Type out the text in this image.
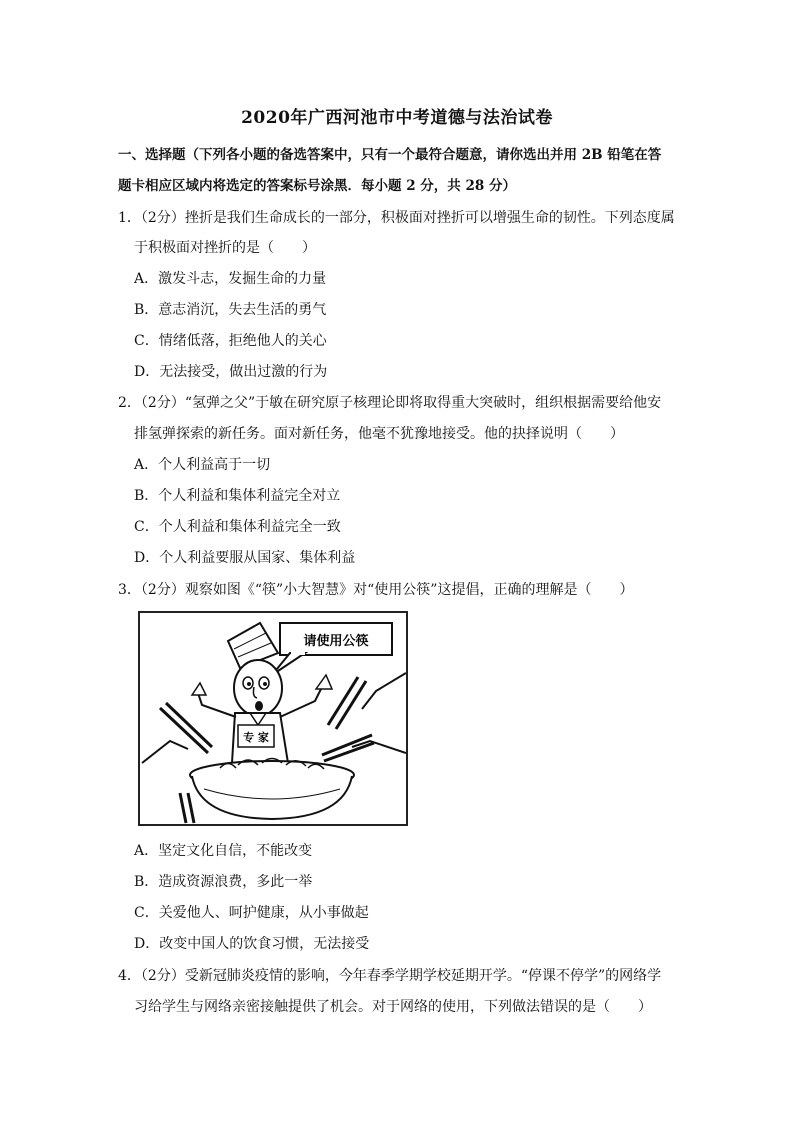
2020年广西河池市中考道德与法治试卷
一、选择题（下列各小题的备选答案中，只有一个最符合题意，请你选出并用 2B 铅笔在答
题卡相应区域内将选定的答案标号涂黑．每小题 2 分，共 28 分）
1．（2分）挫折是我们生命成长的一部分，积极面对挫折可以增强生命的韧性。下列态度属
于积极面对挫折的是（　　）
A．激发斗志，发掘生命的力量
B．意志消沉，失去生活的勇气
C．情绪低落，拒绝他人的关心
D．无法接受，做出过激的行为
2．（2分）“氢弹之父”于敏在研究原子核理论即将取得重大突破时，组织根据需要给他安
排氢弹探索的新任务。面对新任务，他毫不犹豫地接受。他的抉择说明（　　）
A．个人利益高于一切
B．个人利益和集体利益完全对立
C．个人利益和集体利益完全一致
D．个人利益要服从国家、集体利益
3．（2分）观察如图《“筷”小大智慧》对“使用公筷”这提倡，正确的理解是（　　）
请使用公筷
专 家
A．坚定文化自信，不能改变
B．造成资源浪费，多此一举
C．关爱他人、呵护健康，从小事做起
D．改变中国人的饮食习惯，无法接受
4．（2分）受新冠肺炎疫情的影响，今年春季学期学校延期开学。“停课不停学”的网络学
习给学生与网络亲密接触提供了机会。对于网络的使用，下列做法错误的是（　　）
